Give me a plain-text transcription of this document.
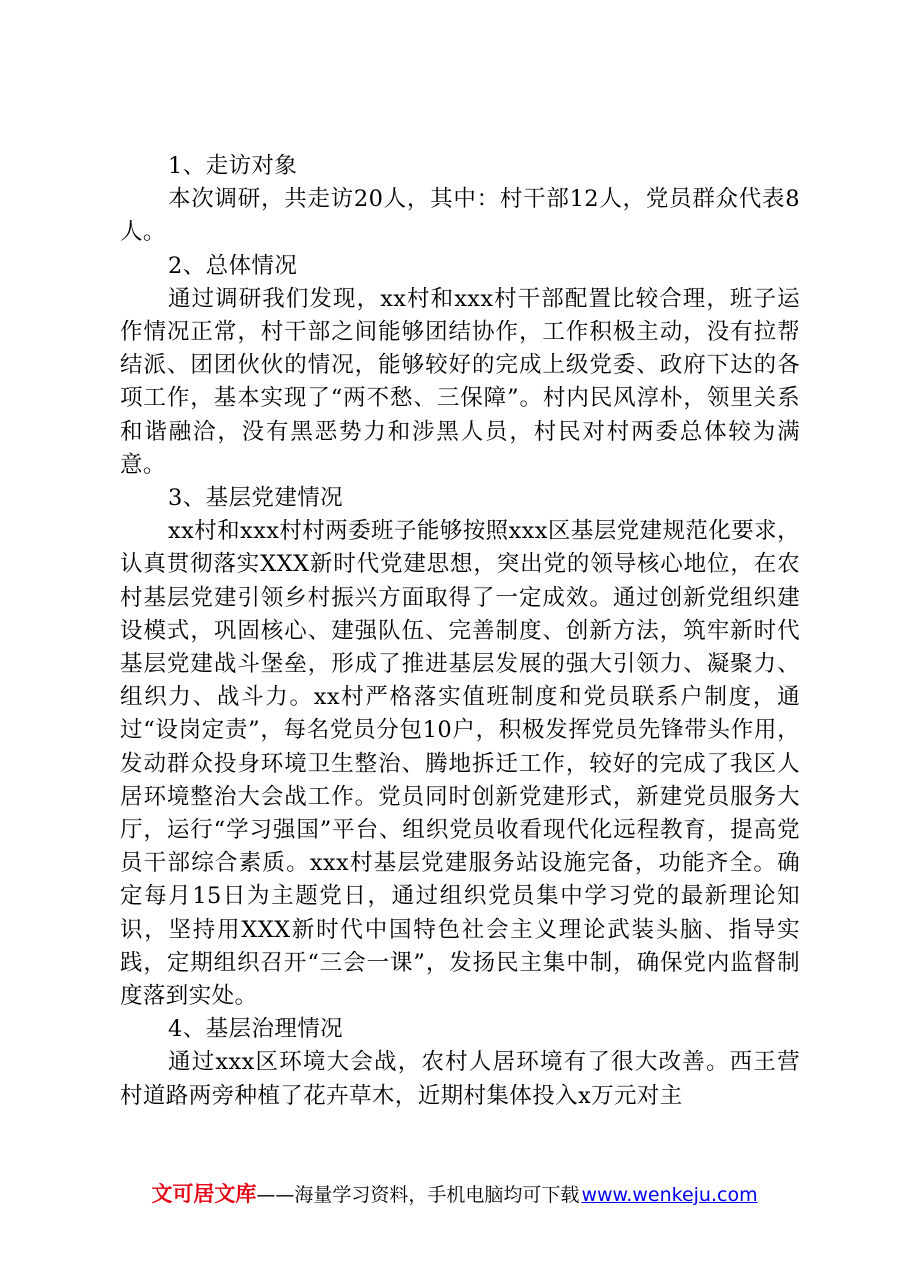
1、走访对象

本次调研，共走访20人，其中：村干部12人，党员群众代表8人。

2、总体情况

通过调研我们发现，xx村和xxx村干部配置比较合理，班子运作情况正常，村干部之间能够团结协作，工作积极主动，没有拉帮结派、团团伙伙的情况，能够较好的完成上级党委、政府下达的各项工作，基本实现了“两不愁、三保障”。村内民风淳朴，领里关系和谐融洽，没有黑恶势力和涉黑人员，村民对村两委总体较为满意。

3、基层党建情况

xx村和xxx村村两委班子能够按照xxx区基层党建规范化要求，认真贯彻落实XXX新时代党建思想，突出党的领导核心地位，在农村基层党建引领乡村振兴方面取得了一定成效。通过创新党组织建设模式，巩固核心、建强队伍、完善制度、创新方法，筑牢新时代基层党建战斗堡垒，形成了推进基层发展的强大引领力、凝聚力、组织力、战斗力。xx村严格落实值班制度和党员联系户制度，通过“设岗定责”，每名党员分包10户，积极发挥党员先锋带头作用，发动群众投身环境卫生整治、腾地拆迁工作，较好的完成了我区人居环境整治大会战工作。党员同时创新党建形式，新建党员服务大厅，运行“学习强国”平台、组织党员收看现代化远程教育，提高党员干部综合素质。xxx村基层党建服务站设施完备，功能齐全。确定每月15日为主题党日，通过组织党员集中学习党的最新理论知识，坚持用XXX新时代中国特色社会主义理论武装头脑、指导实践，定期组织召开“三会一课”，发扬民主集中制，确保党内监督制度落到实处。

4、基层治理情况

通过xxx区环境大会战，农村人居环境有了很大改善。西王营村道路两旁种植了花卉草木，近期村集体投入x万元对主

文可居文库——海量学习资料，手机电脑均可下载 www.wenkeju.com
